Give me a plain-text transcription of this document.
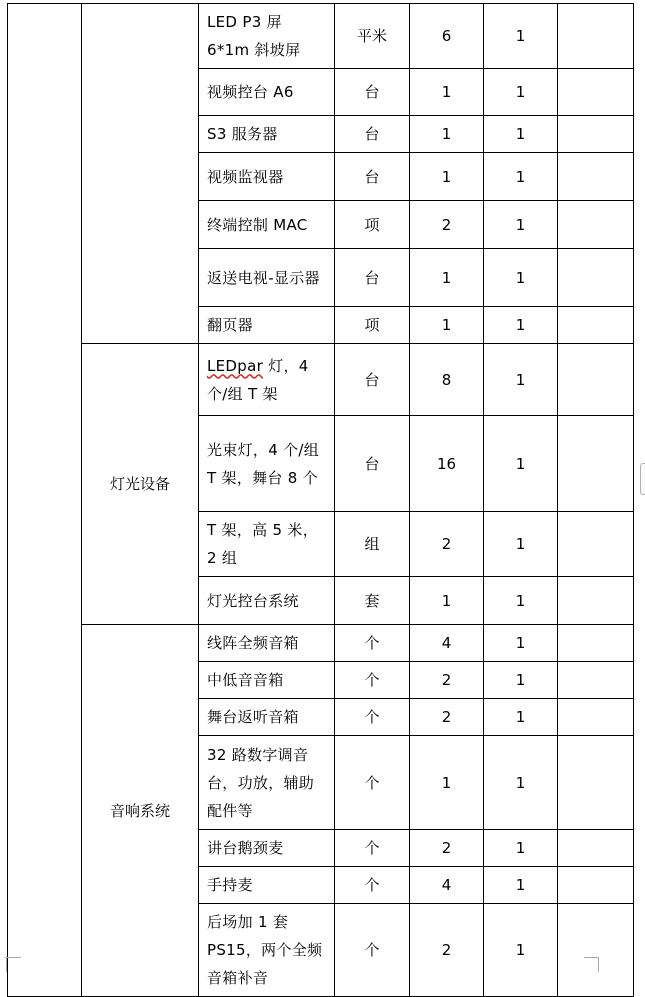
		LED P3 屏 6*1m 斜坡屏	平米	6	1	
		视频控台 A6	台	1	1	
		S3 服务器	台	1	1	
		视频监视器	台	1	1	
		终端控制 MAC	项	2	1	
		返送电视-显示器	台	1	1	
		翻页器	项	1	1	
	灯光设备	LEDpar 灯，4 个/组 T 架	台	8	1	
		光束灯，4 个/组 T 架，舞台 8 个	台	16	1	
		T 架，高 5 米，2 组	组	2	1	
		灯光控台系统	套	1	1	
	音响系统	线阵全频音箱	个	4	1	
		中低音音箱	个	2	1	
		舞台返听音箱	个	2	1	
		32 路数字调音台，功放，辅助配件等	个	1	1	
		讲台鹅颈麦	个	2	1	
		手持麦	个	4	1	
		后场加 1 套 PS15，两个全频音箱补音	个	2	1	
